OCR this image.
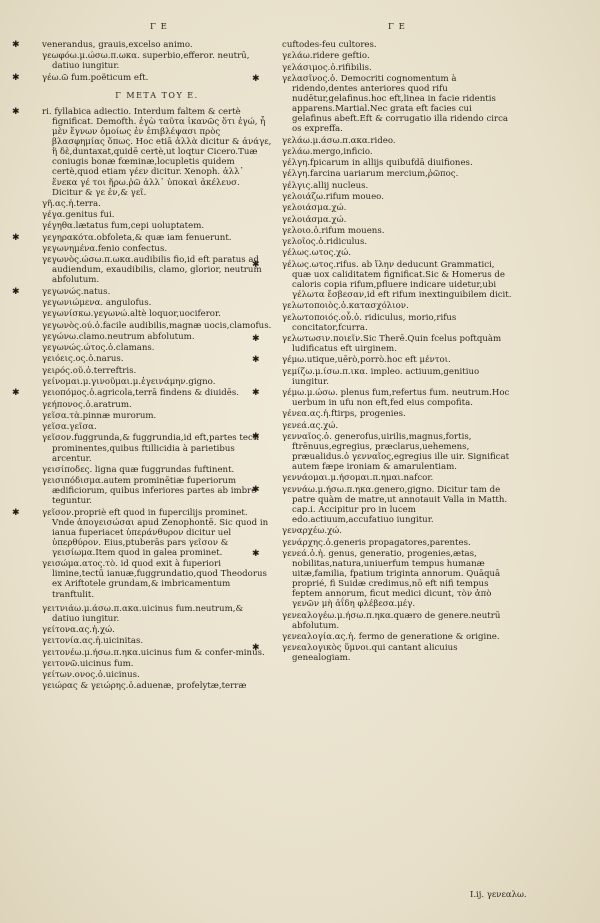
Γ E	Γ E
✱ venerandus, grauis,excelso animo.
γεωφόω.μ.ώσω.π.ωκα. superbio,efferor. neutrū, datiuo iungitur.
✱ γέω.ῶ fum.poëticum eft.
Γ ΜΕΤΑ ΤΟΥ Ε.
✱ ri. fyllabica adiectio. Interdum faltem & certè fignificat. Demofth. ἐγὼ ταῦτα ἱκανῶς ὅτι ἐγώ, ἦ μὲν ἔγνων ὁμοίως ἐν ἐπιβλέψασι πρὸς βλασφημίας ὅπως. Hoc etiā ἀλλὰ dicitur & ἀνάγε, ἢ δὲ,duntaxat,quidē certè,ut loqtur Cicero.Tuæ coniugis bonæ fœminæ,locupletis quidem certè,quod etiam γέεν dicitur. Xenoph. ἀλλ᾽ ἕνεκα γέ τοι ἥρω.ῥῶ ἀλλ᾽ ὑποκαὶ ἀκέλευσ. Dicitur & γε ἐν,& γεῖ.
γῆ.ας.ἡ.terra.
γέγα.genitus fui.
γέγηθα.lætatus fum,cepi uoluptatem.
✱ γεγηρακότα.obfoleta,& quæ iam fenuerunt.
γεγωνημένα.fenio confectus.
γεγωνὸς.ώσω.π.ωκα.audibilis fio,id eft paratus ad audiendum, exaudibilis, clamo, glorior, neutrum abfolutum.
✱ γεγωνώς.natus.
γεγωνιώμενα. angulofus.
γεγωνίσκω.γεγωνώ.altè loquor,uociferor.
γεγωνὸς.ού.ὁ.facile audibilis,magnæ uocis,clamofus.
γεγώνω.clamo.neutrum abfolutum.
γεγωνώς.ώτος.ὁ.clamans.
γειόεις.ος.ὁ.narus.
γειρός.οῦ.ὁ.terreftris.
γείνομαι.μ.γινοῦμαι.μ.ἐγεινάμην.gigno.
✱ γειοπόμος.ὁ.agricola,terrā findens & diuidēs.
γεήπονος.ὁ.aratrum.
γεῖσα.τὰ.pinnæ murorum.
γεῖσα.γεῖσα.
γεῖσον.fuggrunda,& fuggrundia,id eft,partes tecti prominentes,quibus ftillicidia à parietibus arcentur.
γεισίποδες. ligna quæ fuggrundas fuftinent.
γεισιπόδισμα.autem prominētiæ fuperiorum ædificiorum, quibus inferiores partes ab imbre teguntur.
✱ γεῖσον.propriè eft quod in fupercilijs prominet. Vnde ἀπογεισώσαι apud Zenophontē. Sic quod in ianua fuperiacet ὑπεράνθυρον dicitur uel ὑπερθύρον. Eius,ptuberās pars γεῖσον & γεισίωμα.Item quod in galea prominet.
γεισώμα.ατος.τὸ. id quod exit à fuperiori limine,tectū ianuæ,fuggrundatio,quod Theodorus ex Ariftotele grundam,& imbricamentum tranftulit.
γειτνιάω.μ.άσω.π.ακα.uicinus fum.neutrum,& datiuo iungitur.
γείτονα.ας.ἡ.χώ.
γειτονία.ας.ἡ.uicinitas.
γειτονέω.μ.ήσω.π.ηκα.uicinus fum & confer-minus.
γειτονῶ.uicinus fum.
γείτων.ονος.ὁ.uicinus.
γειώρας & γειώρης.ὁ.aduenæ, profelytæ,terræ
cuftodes-feu cultores.
γελάω.ridere geftio.
γελάσιμος.ὁ.rifibilis.
✱ γελασῖνος.ὁ. Democriti cognomentum à ridendo,dentes anteriores quod rifu nudētur,gelafinus.hoc eft,linea in facie ridentis apparens.Martial.Nec grata eft facies cui gelafinus abeft.Eft & corrugatio illa ridendo circa os expreffa.
γελάω.μ.άσω.π.ακα.rideo.
γελάω.mergo,inficio.
γέλγη.fpicarum in allijs quibufdā diuifiones.
γέλγη.farcina uariarum mercium,ῥῶπος.
γέλγις.allij nucleus.
γελοιάζω.rifum moueo.
γελοιάσμα.χώ.
γελοιάσμα.χώ.
γελοιο.ὁ.rifum mouens.
γελοῖος.ὁ.ridiculus.
γέλως.ωτος.χώ.
✱ γέλως.ωτος.rifus. ab ἴλην deducunt Grammatici, quæ uox caliditatem fignificat.Sic & Homerus de caloris copia rifum,pfluere indicare uidetur,ubi γέλωτα ἔσβεσαν,id eft rifum inextinguibilem dicit.
γελωτοποιὸς.ὁ.κατασχόλιον.
γελωτοποιός.οὖ.ὁ. ridiculus, morio,rifus concitator,fcurra.
✱ γελωτωσιν.ποιεῖν.Sic Therē.Quin fcelus poftquàm ludificatus eft uirginem.
✱ γέμω.utique,uērò,porrò.hoc eft μέντοι.
γεμίζω.μ.ίσω.π.ικα. impleo. actiuum,genitiuo iungitur.
✱ γέμω.μ.ώσω. plenus fum,refertus fum. neutrum.Hoc uerbum in ufu non eft,fed eius compofita.
γένεα.ας.ἡ.ftirps, progenies.
γενεά.ας.χώ.
✱ γενναῖος.ὁ. generofus,uirilis,magnus,fortis, ftrēnuus,egregius, præclarus,uehemens, præualidus.ὁ γενναῖος,egregius ille uir. Significat autem fæpe ironiam & amarulentiam.
γεννάομαι.μ.ήσομαι.π.ημαι.nafcor.
✱ γεννάω.μ.ήσω.π.ηκα.genero,gigno. Dicitur tam de patre quàm de matre,ut annotauit Valla in Matth. cap.i. Accipitur pro in lucem edo.actiuum,accufatiuo iungitur.
γεναρχέω.χώ.
γενάρχης.ὁ.generis propagatores,parentes.
✱ γενεά.ὁ.ἡ. genus, generatio, progenies,ætas, nobilitas,natura,uniuerfum tempus humanæ uitæ,familia, fpatium triginta annorum. Quāquā proprié, fi Suidæ credimus,nō eft nifi tempus feptem annorum, ficut medici dicunt, τὸν ἀπὸ γενῶν μὴ ἀΐδη φλέβεσα.μέγ.
γενεαλογέω.μ.ήσω.π.ηκα.quæro de genere.neutrū abfolutum.
γενεαλογία.ας.ἡ. fermo de generatione & origine.
✱ γενεαλογικὸς ὕμνοι.qui cantant alicuius genealogiam.
I.ij. γενεαλω.
